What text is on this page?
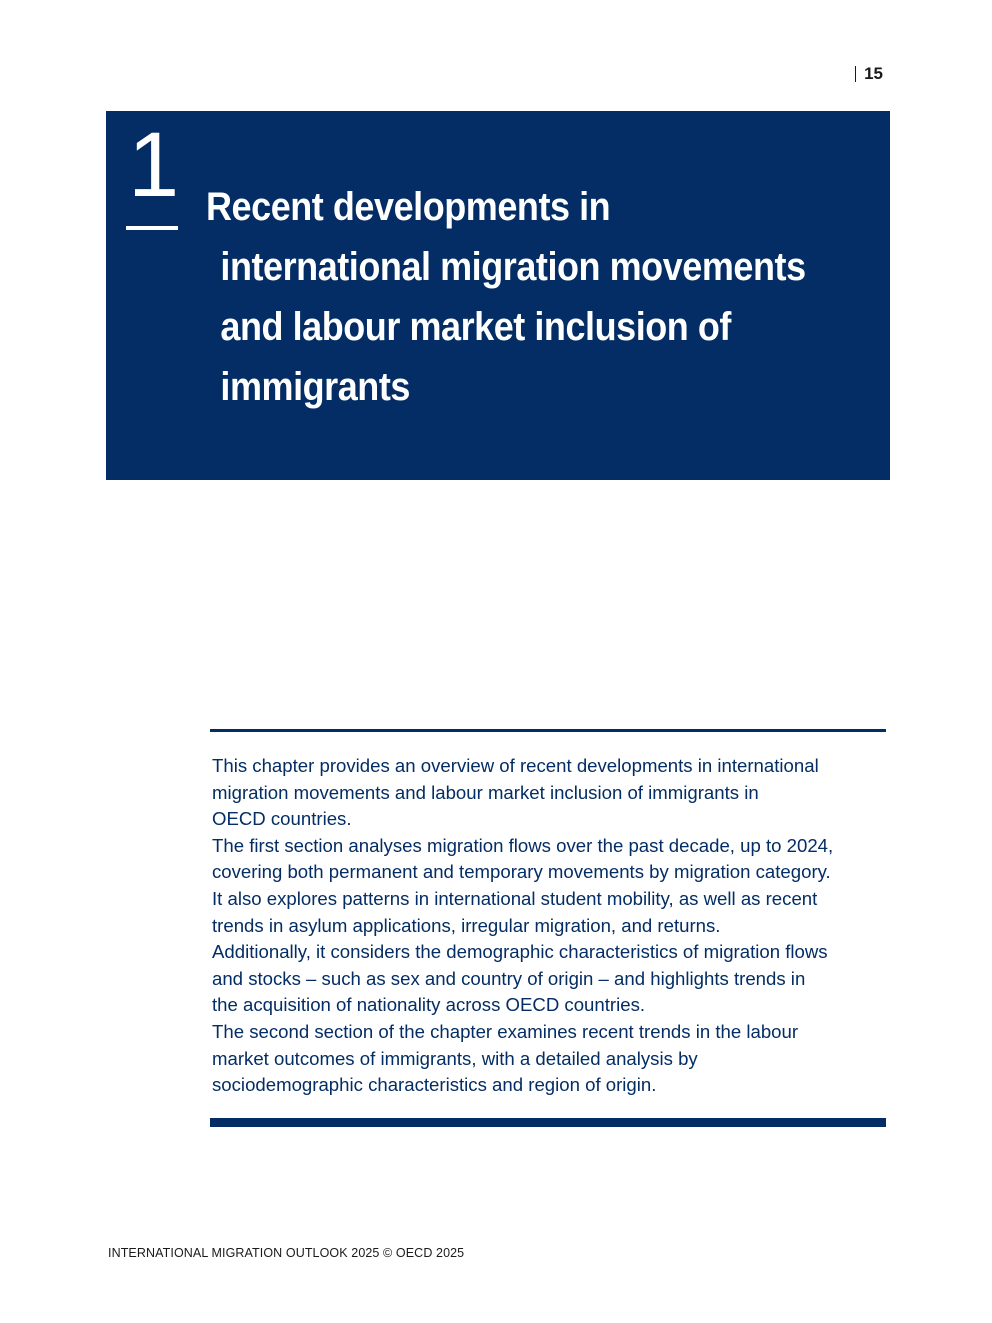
15
1 Recent developments in
international migration movements
and labour market inclusion of
immigrants
This chapter provides an overview of recent developments in international
migration movements and labour market inclusion of immigrants in
OECD countries.
The first section analyses migration flows over the past decade, up to 2024,
covering both permanent and temporary movements by migration category.
It also explores patterns in international student mobility, as well as recent
trends in asylum applications, irregular migration, and returns.
Additionally, it considers the demographic characteristics of migration flows
and stocks – such as sex and country of origin – and highlights trends in
the acquisition of nationality across OECD countries.
The second section of the chapter examines recent trends in the labour
market outcomes of immigrants, with a detailed analysis by
sociodemographic characteristics and region of origin.
INTERNATIONAL MIGRATION OUTLOOK 2025 © OECD 2025
